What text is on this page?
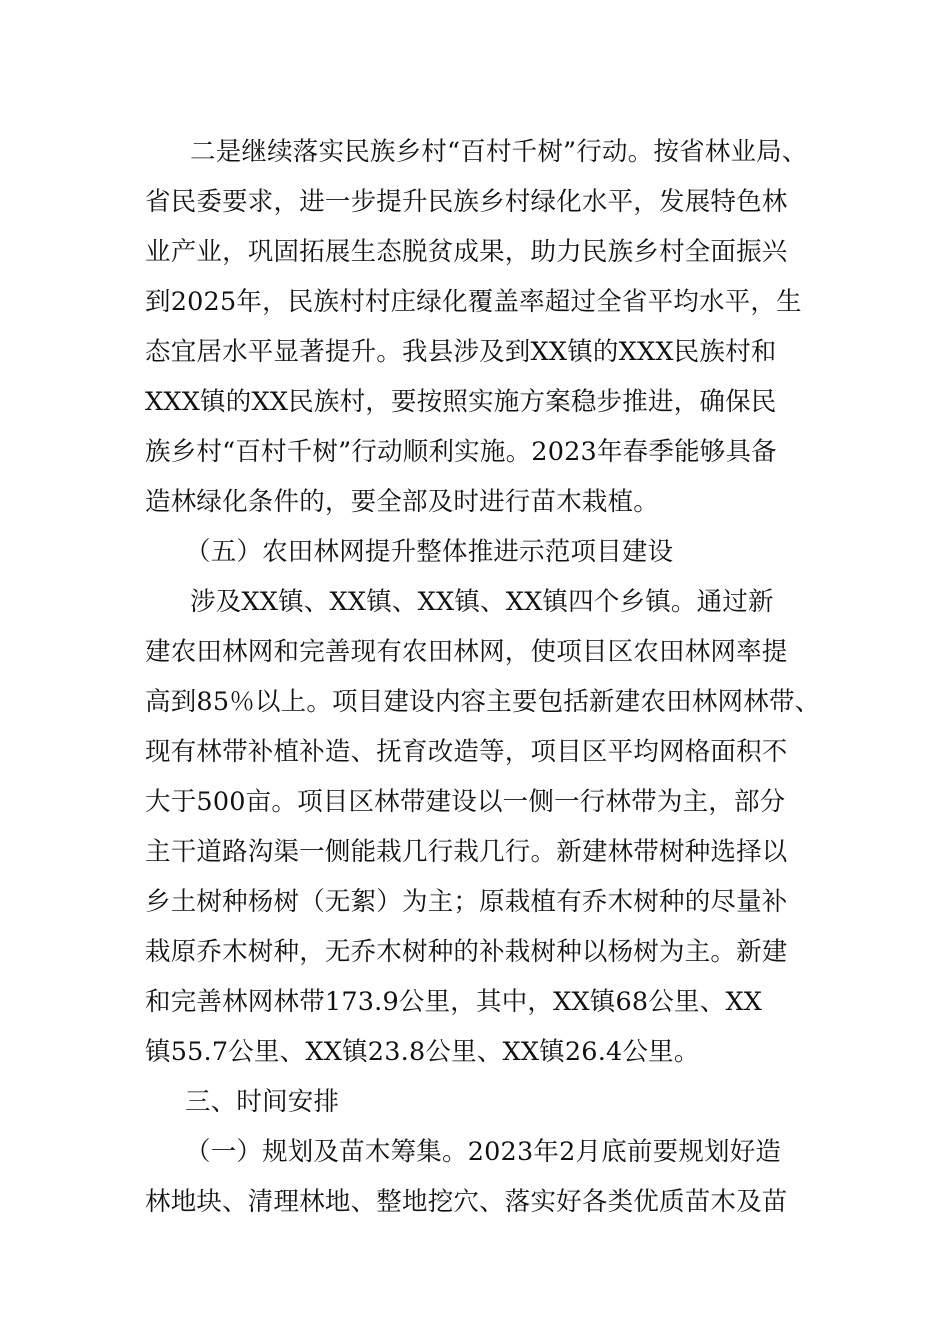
二是继续落实民族乡村“百村千树”行动。按省林业局、
省民委要求，进一步提升民族乡村绿化水平，发展特色林
业产业，巩固拓展生态脱贫成果，助力民族乡村全面振兴
到2025年，民族村村庄绿化覆盖率超过全省平均水平，生
态宜居水平显著提升。我县涉及到XX镇的XXX民族村和
XXX镇的XX民族村，要按照实施方案稳步推进，确保民
族乡村“百村千树”行动顺利实施。2023年春季能够具备
造林绿化条件的，要全部及时进行苗木栽植。
（五）农田林网提升整体推进示范项目建设
涉及XX镇、XX镇、XX镇、XX镇四个乡镇。通过新
建农田林网和完善现有农田林网，使项目区农田林网率提
高到85％以上。项目建设内容主要包括新建农田林网林带、
现有林带补植补造、抚育改造等，项目区平均网格面积不
大于500亩。项目区林带建设以一侧一行林带为主，部分
主干道路沟渠一侧能栽几行栽几行。新建林带树种选择以
乡土树种杨树（无絮）为主；原栽植有乔木树种的尽量补
栽原乔木树种，无乔木树种的补栽树种以杨树为主。新建
和完善林网林带173.9公里，其中，XX镇68公里、XX
镇55.7公里、XX镇23.8公里、XX镇26.4公里。
三、时间安排
（一）规划及苗木筹集。2023年2月底前要规划好造
林地块、清理林地、整地挖穴、落实好各类优质苗木及苗
